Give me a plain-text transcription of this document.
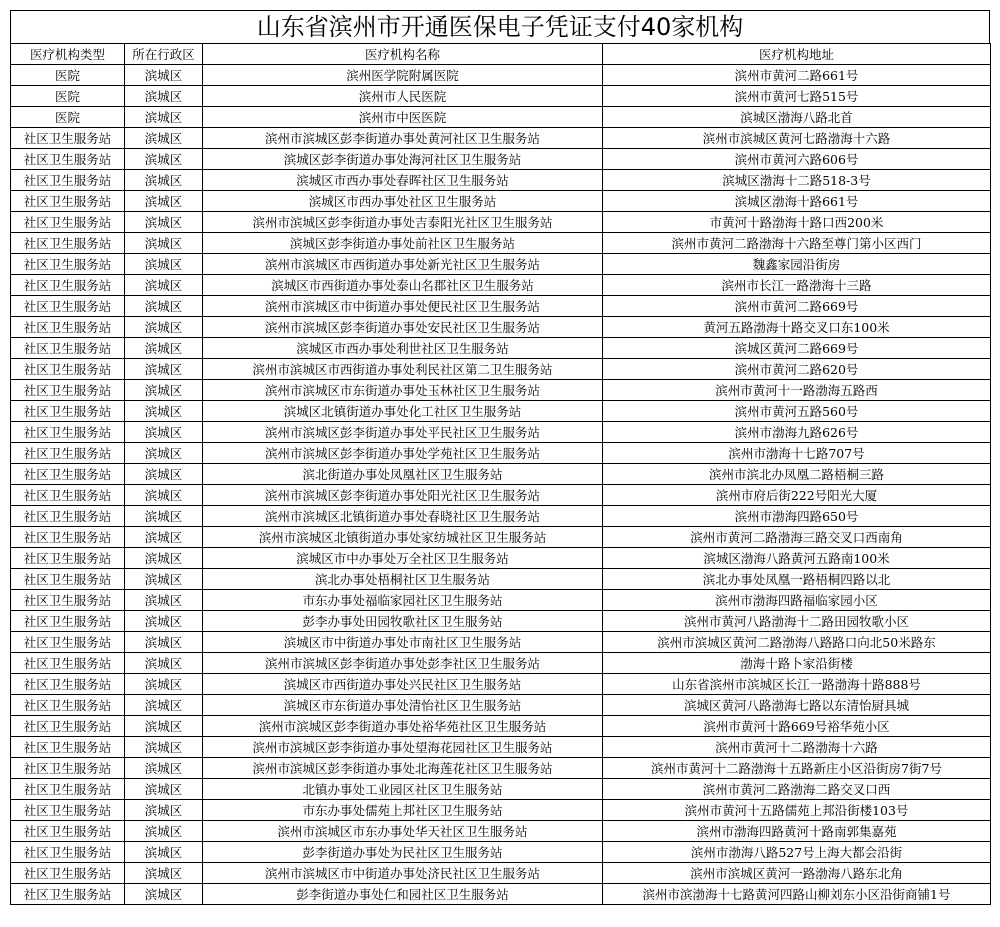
山东省滨州市开通医保电子凭证支付40家机构
医疗机构类型	所在行政区	医疗机构名称	医疗机构地址
医院	滨城区	滨州医学院附属医院	滨州市黄河二路661号
医院	滨城区	滨州市人民医院	滨州市黄河七路515号
医院	滨城区	滨州市中医医院	滨城区渤海八路北首
社区卫生服务站	滨城区	滨州市滨城区彭李街道办事处黄河社区卫生服务站	滨州市滨城区黄河七路渤海十六路
社区卫生服务站	滨城区	滨城区彭李街道办事处海河社区卫生服务站	滨州市黄河六路606号
社区卫生服务站	滨城区	滨城区市西办事处春晖社区卫生服务站	滨城区渤海十二路518-3号
社区卫生服务站	滨城区	滨城区市西办事处社区卫生服务站	滨城区渤海十路661号
社区卫生服务站	滨城区	滨州市滨城区彭李街道办事处吉泰阳光社区卫生服务站	市黄河十路渤海十路口西200米
社区卫生服务站	滨城区	滨城区彭李街道办事处前社区卫生服务站	滨州市黄河二路渤海十六路至尊门第小区西门
社区卫生服务站	滨城区	滨州市滨城区市西街道办事处新光社区卫生服务站	魏鑫家园沿街房
社区卫生服务站	滨城区	滨城区市西街道办事处泰山名郡社区卫生服务站	滨州市长江一路渤海十三路
社区卫生服务站	滨城区	滨州市滨城区市中街道办事处便民社区卫生服务站	滨州市黄河二路669号
社区卫生服务站	滨城区	滨州市滨城区彭李街道办事处安民社区卫生服务站	黄河五路渤海十路交叉口东100米
社区卫生服务站	滨城区	滨城区市西办事处利世社区卫生服务站	滨城区黄河二路669号
社区卫生服务站	滨城区	滨州市滨城区市西街道办事处利民社区第二卫生服务站	滨州市黄河二路620号
社区卫生服务站	滨城区	滨州市滨城区市东街道办事处玉林社区卫生服务站	滨州市黄河十一路渤海五路西
社区卫生服务站	滨城区	滨城区北镇街道办事处化工社区卫生服务站	滨州市黄河五路560号
社区卫生服务站	滨城区	滨州市滨城区彭李街道办事处平民社区卫生服务站	滨州市渤海九路626号
社区卫生服务站	滨城区	滨州市滨城区彭李街道办事处学苑社区卫生服务站	滨州市渤海十七路707号
社区卫生服务站	滨城区	滨北街道办事处凤凰社区卫生服务站	滨州市滨北办凤凰二路梧桐三路
社区卫生服务站	滨城区	滨州市滨城区彭李街道办事处阳光社区卫生服务站	滨州市府后街222号阳光大厦
社区卫生服务站	滨城区	滨州市滨城区北镇街道办事处春晓社区卫生服务站	滨州市渤海四路650号
社区卫生服务站	滨城区	滨州市滨城区北镇街道办事处家纺城社区卫生服务站	滨州市黄河二路渤海三路交叉口西南角
社区卫生服务站	滨城区	滨城区市中办事处万全社区卫生服务站	滨城区渤海八路黄河五路南100米
社区卫生服务站	滨城区	滨北办事处梧桐社区卫生服务站	滨北办事处凤凰一路梧桐四路以北
社区卫生服务站	滨城区	市东办事处福临家园社区卫生服务站	滨州市渤海四路福临家园小区
社区卫生服务站	滨城区	彭李办事处田园牧歌社区卫生服务站	滨州市黄河八路渤海十二路田园牧歌小区
社区卫生服务站	滨城区	滨城区市中街道办事处市南社区卫生服务站	滨州市滨城区黄河二路渤海八路路口向北50米路东
社区卫生服务站	滨城区	滨州市滨城区彭李街道办事处彭李社区卫生服务站	渤海十路卜家沿街楼
社区卫生服务站	滨城区	滨城区市西街道办事处兴民社区卫生服务站	山东省滨州市滨城区长江一路渤海十路888号
社区卫生服务站	滨城区	滨城区市东街道办事处清怡社区卫生服务站	滨城区黄河八路渤海七路以东清怡厨具城
社区卫生服务站	滨城区	滨州市滨城区彭李街道办事处裕华苑社区卫生服务站	滨州市黄河十路669号裕华苑小区
社区卫生服务站	滨城区	滨州市滨城区彭李街道办事处望海花园社区卫生服务站	滨州市黄河十二路渤海十六路
社区卫生服务站	滨城区	滨州市滨城区彭李街道办事处北海莲花社区卫生服务站	滨州市黄河十二路渤海十五路新庄小区沿街房7街7号
社区卫生服务站	滨城区	北镇办事处工业园区社区卫生服务站	滨州市黄河二路渤海二路交叉口西
社区卫生服务站	滨城区	市东办事处儒苑上邦社区卫生服务站	滨州市黄河十五路儒苑上邦沿街楼103号
社区卫生服务站	滨城区	滨州市滨城区市东办事处华天社区卫生服务站	滨州市渤海四路黄河十路南郭集嘉苑
社区卫生服务站	滨城区	彭李街道办事处为民社区卫生服务站	滨州市渤海八路527号上海大都会沿街
社区卫生服务站	滨城区	滨州市滨城区市中街道办事处济民社区卫生服务站	滨州市滨城区黄河一路渤海八路东北角
社区卫生服务站	滨城区	彭李街道办事处仁和园社区卫生服务站	滨州市滨渤海十七路黄河四路山柳刘东小区沿街商铺1号
